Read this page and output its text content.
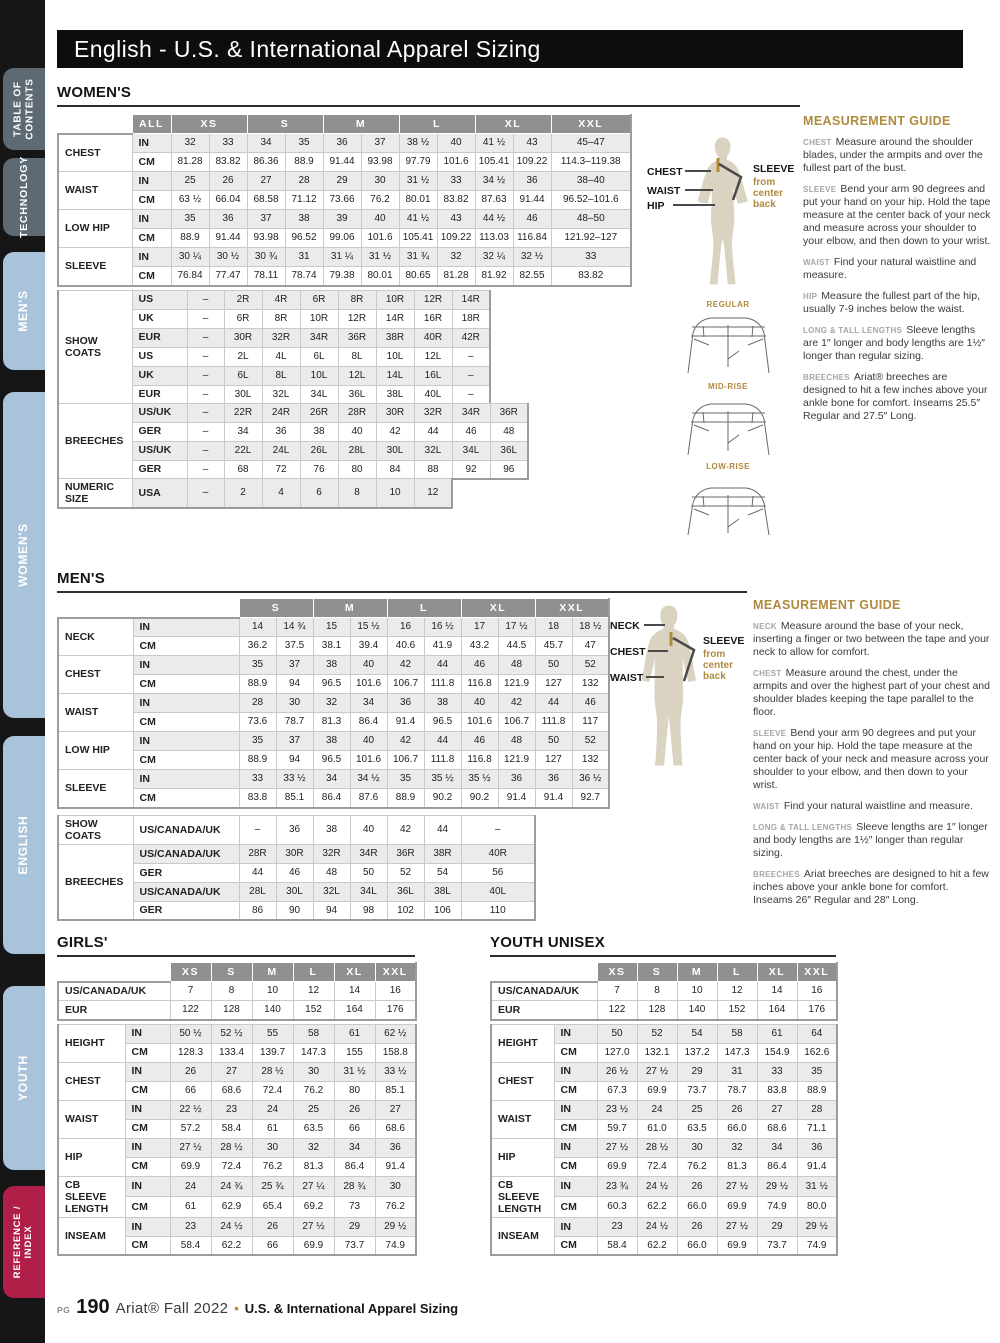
TABLE OF CONTENTS
TECHNOLOGY
MEN'S
WOMEN'S
ENGLISH
YOUTH
REFERENCE / INDEX
English - U.S. & International Apparel Sizing
WOMEN'S
	ALL	XS		S		M		L		XL		XXL
CHEST	IN	32	33	34	35	36	37	38 ½	40	41 ½	43	45–47
	CM	81.28	83.82	86.36	88.9	91.44	93.98	97.79	101.6	105.41	109.22	114.3–119.38
WAIST	IN	25	26	27	28	29	30	31 ½	33	34 ½	36	38–40
	CM	63 ½	66.04	68.58	71.12	73.66	76.2	80.01	83.82	87.63	91.44	96.52–101.6
LOW HIP	IN	35	36	37	38	39	40	41 ½	43	44 ½	46	48–50
	CM	88.9	91.44	93.98	96.52	99.06	101.6	105.41	109.22	113.03	116.84	121.92–127
SLEEVE	IN	30 ¼	30 ½	30 ¾	31	31 ¼	31 ½	31 ¾	32	32 ¼	32 ½	33
	CM	76.84	77.47	78.11	78.74	79.38	80.01	80.65	81.28	81.92	82.55	83.82
SHOW COATS	US	–	2R	4R	6R	8R	10R	12R	14R
	UK	–	6R	8R	10R	12R	14R	16R	18R
	EUR	–	30R	32R	34R	36R	38R	40R	42R
	US	–	2L	4L	6L	8L	10L	12L	–
	UK	–	6L	8L	10L	12L	14L	16L	–
	EUR	–	30L	32L	34L	36L	38L	40L	–
BREECHES	US/UK	–	22R	24R	26R	28R	30R	32R	34R	36R
	GER	–	34	36	38	40	42	44	46	48
	US/UK	–	22L	24L	26L	28L	30L	32L	34L	36L
	GER	–	68	72	76	80	84	88	92	96
NUMERIC SIZE	USA	–	2	4	6	8	10	12
CHEST
WAIST
HIP
SLEEVE
from
center
back
REGULAR
MID-RISE
LOW-RISE
MEASUREMENT GUIDE

CHEST Measure around the shoulder blades, under the armpits and over the fullest part of the bust.

SLEEVE Bend your arm 90 degrees and put your hand on your hip. Hold the tape measure at the center back of your neck and measure across your shoulder to your elbow, and then down to your wrist.

WAIST Find your natural waistline and measure.

HIP Measure the fullest part of the hip, usually 7-9 inches below the waist.

LONG & TALL LENGTHS Sleeve lengths are 1″ longer and body lengths are 1½″ longer than regular sizing.

BREECHES Ariat® breeches are designed to hit a few inches above your ankle bone for comfort. Inseams 25.5″ Regular and 27.5″ Long.

MEN'S
		S		M		L		XL		XXL	
NECK	IN	14	14 ¾	15	15 ½	16	16 ½	17	17 ½	18	18 ½
	CM	36.2	37.5	38.1	39.4	40.6	41.9	43.2	44.5	45.7	47
CHEST	IN	35	37	38	40	42	44	46	48	50	52
	CM	88.9	94	96.5	101.6	106.7	111.8	116.8	121.9	127	132
WAIST	IN	28	30	32	34	36	38	40	42	44	46
	CM	73.6	78.7	81.3	86.4	91.4	96.5	101.6	106.7	111.8	117
LOW HIP	IN	35	37	38	40	42	44	46	48	50	52
	CM	88.9	94	96.5	101.6	106.7	111.8	116.8	121.9	127	132
SLEEVE	IN	33	33 ½	34	34 ½	35	35 ½	35 ½	36	36	36 ½
	CM	83.8	85.1	86.4	87.6	88.9	90.2	90.2	91.4	91.4	92.7
SHOW COATS	US/CANADA/UK	–	36	38	40	42	44	–
BREECHES	US/CANADA/UK	28R	30R	32R	34R	36R	38R	40R
	GER	44	46	48	50	52	54	56
	US/CANADA/UK	28L	30L	32L	34L	36L	38L	40L
	GER	86	90	94	98	102	106	110
NECK
CHEST
WAIST
SLEEVE
from
center
back
MEASUREMENT GUIDE

NECK Measure around the base of your neck, inserting a finger or two between the tape and your neck to allow for comfort.

CHEST Measure around the chest, under the armpits and over the highest part of your chest and shoulder blades keeping the tape parallel to the floor.

SLEEVE Bend your arm 90 degrees and put your hand on your hip. Hold the tape measure at the center back of your neck and measure across your shoulder to your elbow, and then down to your wrist.

WAIST Find your natural waistline and measure.

LONG & TALL LENGTHS Sleeve lengths are 1″ longer and body lengths are 1½″ longer than regular sizing.

BREECHES Ariat breeches are designed to hit a few inches above your ankle bone for comfort. Inseams 26″ Regular and 28″ Long.

GIRLS'
	XS	S	M	L	XL	XXL
US/CANADA/UK	7	8	10	12	14	16
EUR	122	128	140	152	164	176
HEIGHT	IN	50 ½	52 ½	55	58	61	62 ½
	CM	128.3	133.4	139.7	147.3	155	158.8
CHEST	IN	26	27	28 ½	30	31 ½	33 ½
	CM	66	68.6	72.4	76.2	80	85.1
WAIST	IN	22 ½	23	24	25	26	27
	CM	57.2	58.4	61	63.5	66	68.6
HIP	IN	27 ½	28 ½	30	32	34	36
	CM	69.9	72.4	76.2	81.3	86.4	91.4
CB SLEEVE LENGTH	IN	24	24 ¾	25 ¾	27 ¼	28 ¾	30
	CM	61	62.9	65.4	69.2	73	76.2
INSEAM	IN	23	24 ½	26	27 ½	29	29 ½
	CM	58.4	62.2	66	69.9	73.7	74.9
YOUTH UNISEX
	XS	S	M	L	XL	XXL
US/CANADA/UK	7	8	10	12	14	16
EUR	122	128	140	152	164	176
HEIGHT	IN	50	52	54	58	61	64
	CM	127.0	132.1	137.2	147.3	154.9	162.6
CHEST	IN	26 ½	27 ½	29	31	33	35
	CM	67.3	69.9	73.7	78.7	83.8	88.9
WAIST	IN	23 ½	24	25	26	27	28
	CM	59.7	61.0	63.5	66.0	68.6	71.1
HIP	IN	27 ½	28 ½	30	32	34	36
	CM	69.9	72.4	76.2	81.3	86.4	91.4
CB SLEEVE LENGTH	IN	23 ¾	24 ½	26	27 ½	29 ½	31 ½
	CM	60.3	62.2	66.0	69.9	74.9	80.0
INSEAM	IN	23	24 ½	26	27 ½	29	29 ½
	CM	58.4	62.2	66.0	69.9	73.7	74.9
PG 190 Ariat® Fall 2022 • U.S. & International Apparel Sizing
